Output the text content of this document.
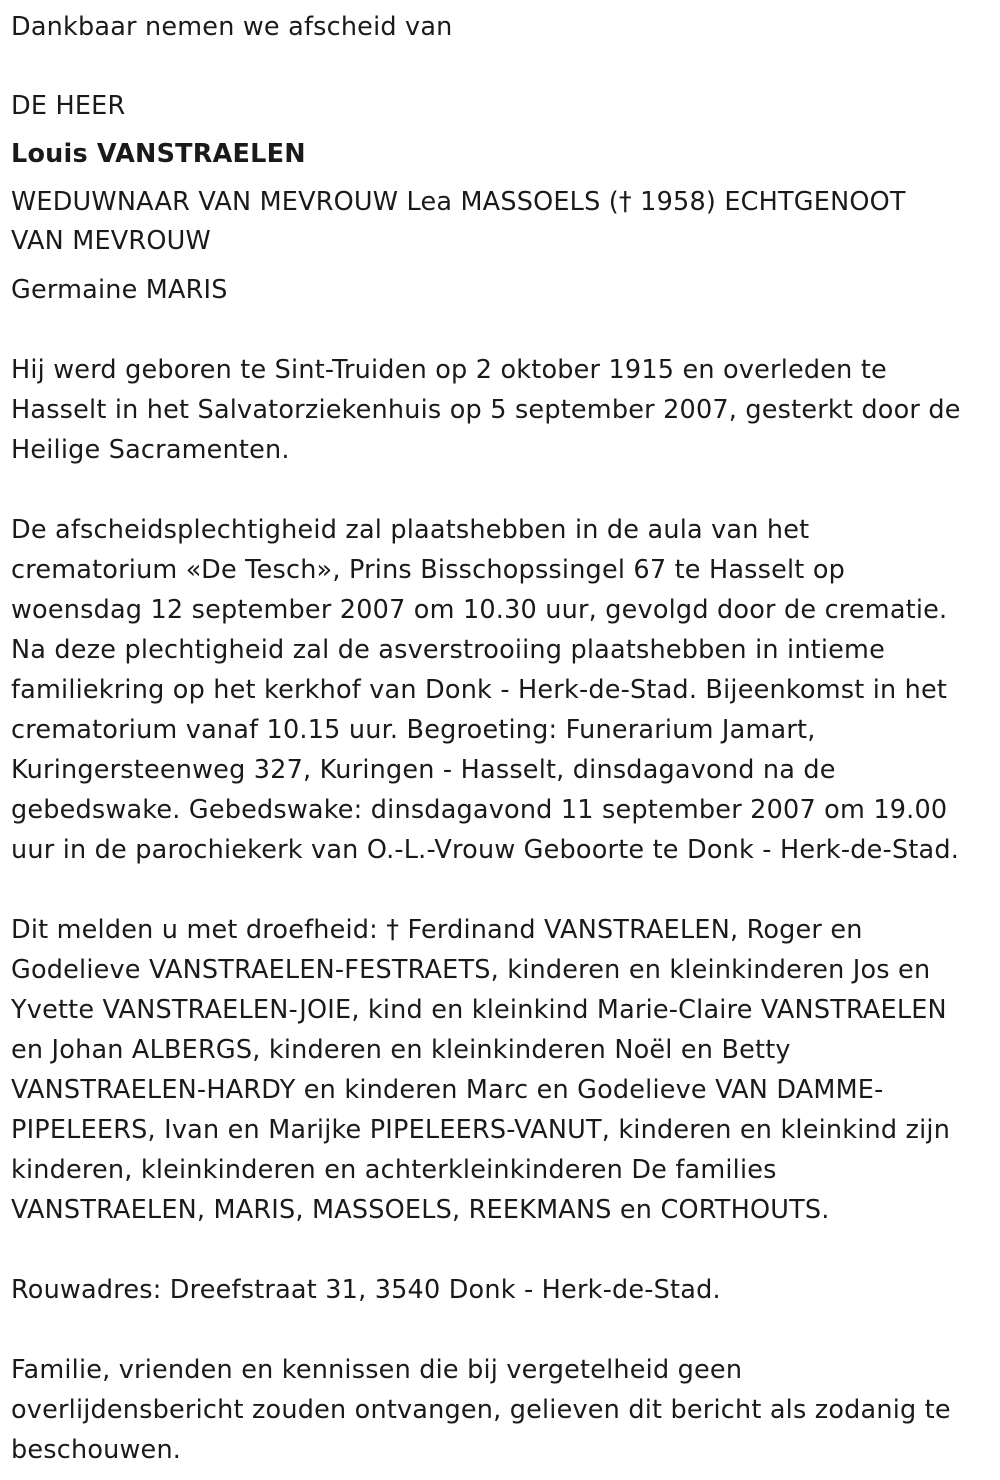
Dankbaar nemen we afscheid van
DE HEER
Louis VANSTRAELEN
WEDUWNAAR VAN MEVROUW Lea MASSOELS († 1958) ECHTGENOOT
VAN MEVROUW
Germaine MARIS
Hij werd geboren te Sint-Truiden op 2 oktober 1915 en overleden te
Hasselt in het Salvatorziekenhuis op 5 september 2007, gesterkt door de
Heilige Sacramenten.
De afscheidsplechtigheid zal plaatshebben in de aula van het
crematorium «De Tesch», Prins Bisschopssingel 67 te Hasselt op
woensdag 12 september 2007 om 10.30 uur, gevolgd door de crematie.
Na deze plechtigheid zal de asverstrooiing plaatshebben in intieme
familiekring op het kerkhof van Donk - Herk-de-Stad. Bijeenkomst in het
crematorium vanaf 10.15 uur. Begroeting: Funerarium Jamart,
Kuringersteenweg 327, Kuringen - Hasselt, dinsdagavond na de
gebedswake. Gebedswake: dinsdagavond 11 september 2007 om 19.00
uur in de parochiekerk van O.-L.-Vrouw Geboorte te Donk - Herk-de-Stad.
Dit melden u met droefheid: † Ferdinand VANSTRAELEN, Roger en
Godelieve VANSTRAELEN-FESTRAETS, kinderen en kleinkinderen Jos en
Yvette VANSTRAELEN-JOIE, kind en kleinkind Marie-Claire VANSTRAELEN
en Johan ALBERGS, kinderen en kleinkinderen Noël en Betty
VANSTRAELEN-HARDY en kinderen Marc en Godelieve VAN DAMME-
PIPELEERS, Ivan en Marijke PIPELEERS-VANUT, kinderen en kleinkind zijn
kinderen, kleinkinderen en achterkleinkinderen De families
VANSTRAELEN, MARIS, MASSOELS, REEKMANS en CORTHOUTS.
Rouwadres: Dreefstraat 31, 3540 Donk - Herk-de-Stad.
Familie, vrienden en kennissen die bij vergetelheid geen
overlijdensbericht zouden ontvangen, gelieven dit bericht als zodanig te
beschouwen.
